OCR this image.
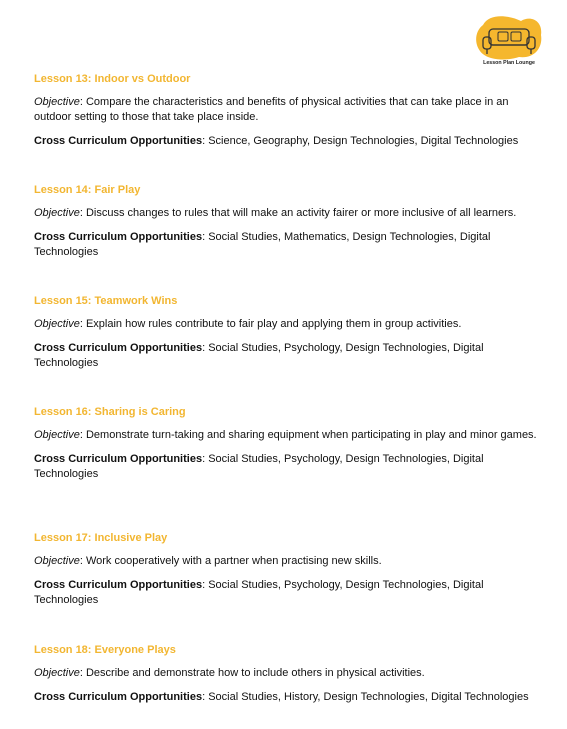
Lesson Plan Lounge
Lesson 13: Indoor vs Outdoor
Objective: Compare the characteristics and benefits of physical activities that can take place in an outdoor setting to those that take place inside.
Cross Curriculum Opportunities: Science, Geography, Design Technologies, Digital Technologies
Lesson 14: Fair Play
Objective: Discuss changes to rules that will make an activity fairer or more inclusive of all learners.
Cross Curriculum Opportunities: Social Studies, Mathematics, Design Technologies, Digital Technologies
Lesson 15: Teamwork Wins
Objective: Explain how rules contribute to fair play and applying them in group activities.
Cross Curriculum Opportunities: Social Studies, Psychology, Design Technologies, Digital Technologies
Lesson 16: Sharing is Caring
Objective: Demonstrate turn-taking and sharing equipment when participating in play and minor games.
Cross Curriculum Opportunities: Social Studies, Psychology, Design Technologies, Digital Technologies
Lesson 17: Inclusive Play
Objective: Work cooperatively with a partner when practising new skills.
Cross Curriculum Opportunities: Social Studies, Psychology, Design Technologies, Digital Technologies
Lesson 18: Everyone Plays
Objective: Describe and demonstrate how to include others in physical activities.
Cross Curriculum Opportunities: Social Studies, History, Design Technologies, Digital Technologies
